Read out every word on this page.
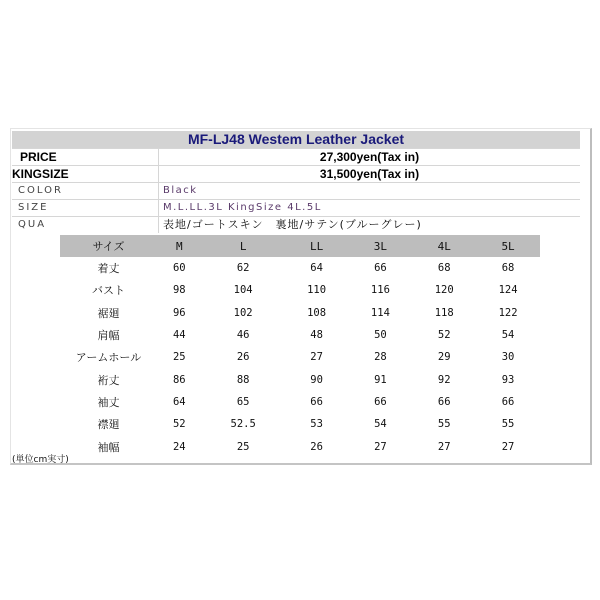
MF-LJ48 Westem Leather Jacket	
PRICE	27,300yen(Tax in)
KINGSIZE	31,500yen(Tax in)
COLOR	Black
SIZE	M.L.LL.3L KingSize 4L.5L
QUA	表地/ゴートスキン　裏地/サテン(ブルーグレー)
サイズ	M	L	LL	3L	4L	5L
着丈	60	62	64	66	68	68
バスト	98	104	110	116	120	124
裾廻	96	102	108	114	118	122
肩幅	44	46	48	50	52	54
アームホール	25	26	27	28	29	30
裄丈	86	88	90	91	92	93
袖丈	64	65	66	66	66	66
襟廻	52	52.5	53	54	55	55
袖幅	24	25	26	27	27	27
(単位cm実寸)
